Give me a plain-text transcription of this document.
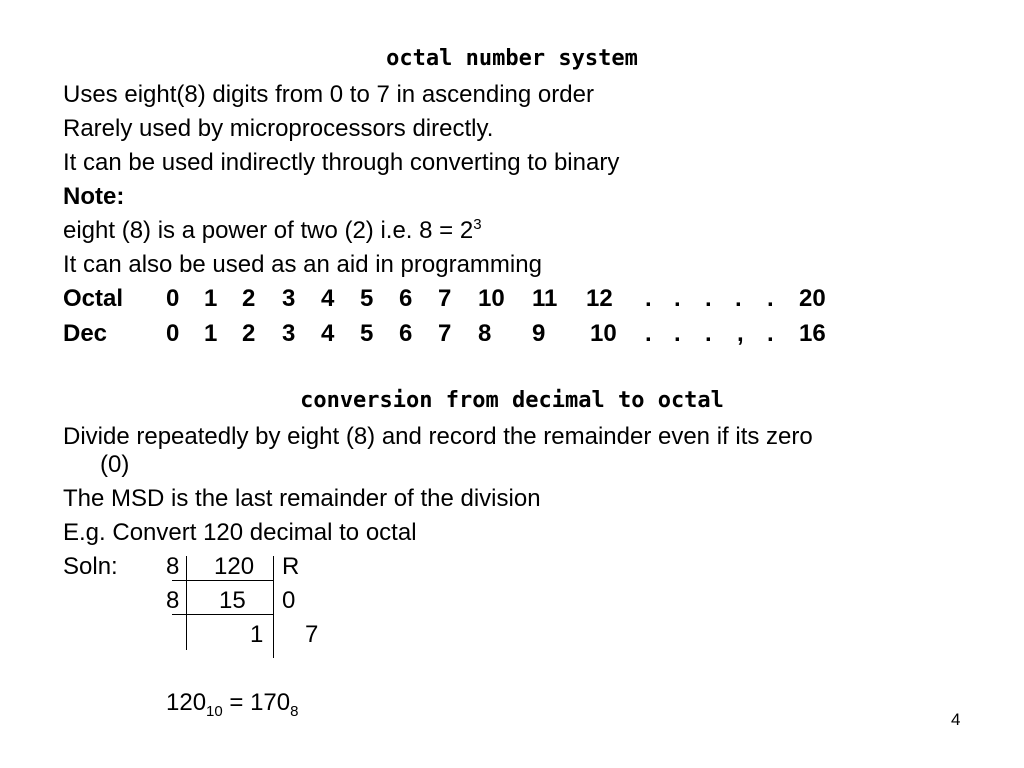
octal number system
Uses eight(8) digits from 0 to 7 in ascending order
Rarely used by microprocessors directly.
It can be used indirectly through converting to binary
Note:
eight (8) is a power of two (2) i.e. $8 = 2^3$
It can also be used as an aid in programming
Octal 0 1 2 3 4 5 6 7 10 11 12 . . . . . 20
Dec 0 1 2 3 4 5 6 7 8 9 10 . . . , . 16
conversion from decimal to octal
Divide repeatedly by eight (8) and record the remainder even if its zero
(0)
The MSD is the last remainder of the division
E.g. Convert 120 decimal to octal
Soln: 8 120 R
8 15 0
1 7
$120_{10} = 170_8$	4
